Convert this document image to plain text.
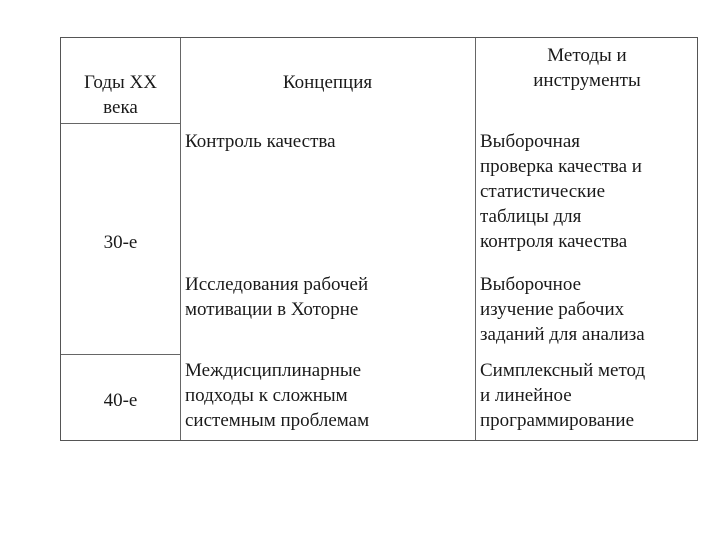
Годы XX
века
Концепция
Методы и
инструменты
30-е
Контроль качества	Выборочная
проверка качества и
статистические
таблицы для
контроля качества
Исследования рабочей
мотивации в Хоторне
Выборочное
изучение рабочих
заданий для анализа
40-е
Междисциплинарные
подходы к сложным
системным проблемам
Симплексный метод
и линейное
программирование
